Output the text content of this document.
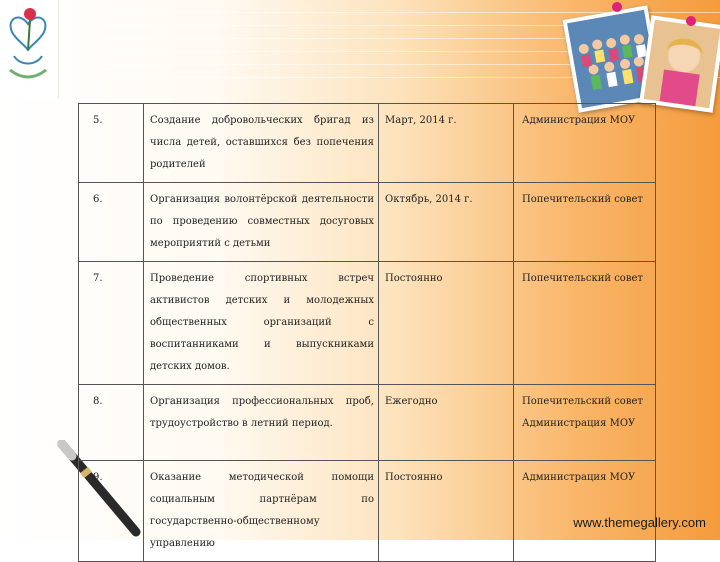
5.	Создание добровольческих бригад из числа детей, оставшихся без попечения родителей	Март, 2014 г.	Администрация МОУ
6.	Организация волонтёрской деятельности по проведению совместных досуговых мероприятий с детьми	Октябрь, 2014 г.	Попечительский совет
7.	Проведение спортивных встреч активистов детских и молодежных общественных организаций с воспитанниками и выпускниками детских домов.	Постоянно	Попечительский совет
8.	Организация профессиональных проб, трудоустройство в летний период.	Ежегодно	Попечительский совет Администрация МОУ
9.	Оказание методической помощи социальным партнёрам по государственно-общественному управлению	Постоянно	Администрация МОУ
www.themegallery.com
